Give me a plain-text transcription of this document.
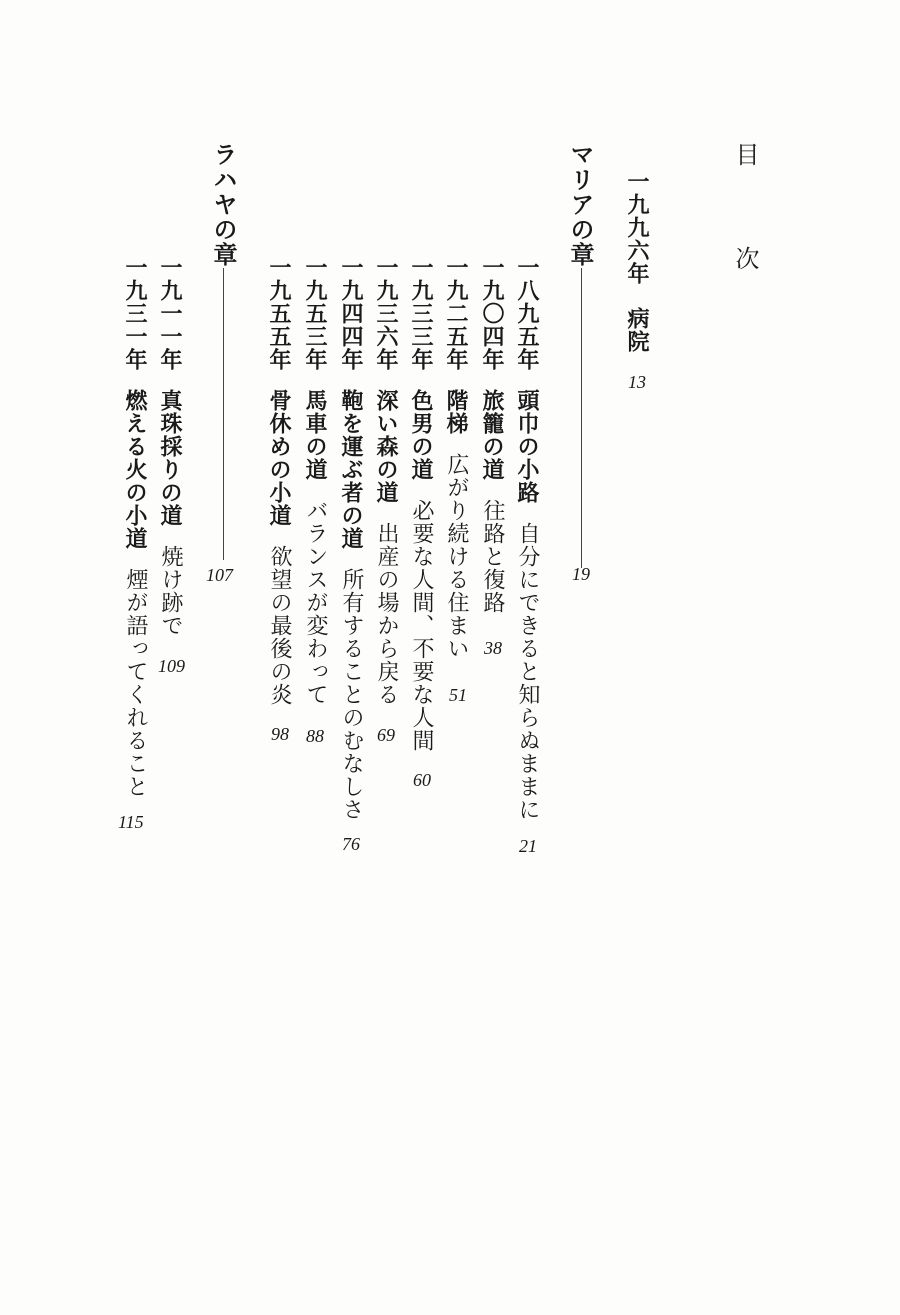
目 次
一九九六年病院
13
マリアの章
19
一八九五年頭巾の小路自分にできると知らぬままに
21
一九〇四年旅籠の道往路と復路
38
一九二五年階梯広がり続ける住まい
51
一九三三年色男の道必要な人間、不要な人間
60
一九三六年深い森の道出産の場から戻る
69
一九四四年鞄を運ぶ者の道所有することのむなしさ
76
一九五三年馬車の道バランスが変わって
88
一九五五年骨休めの小道欲望の最後の炎
98
ラハヤの章
107
一九一一年真珠採りの道焼け跡で
109
一九三一年燃える火の小道煙が語ってくれること
115
